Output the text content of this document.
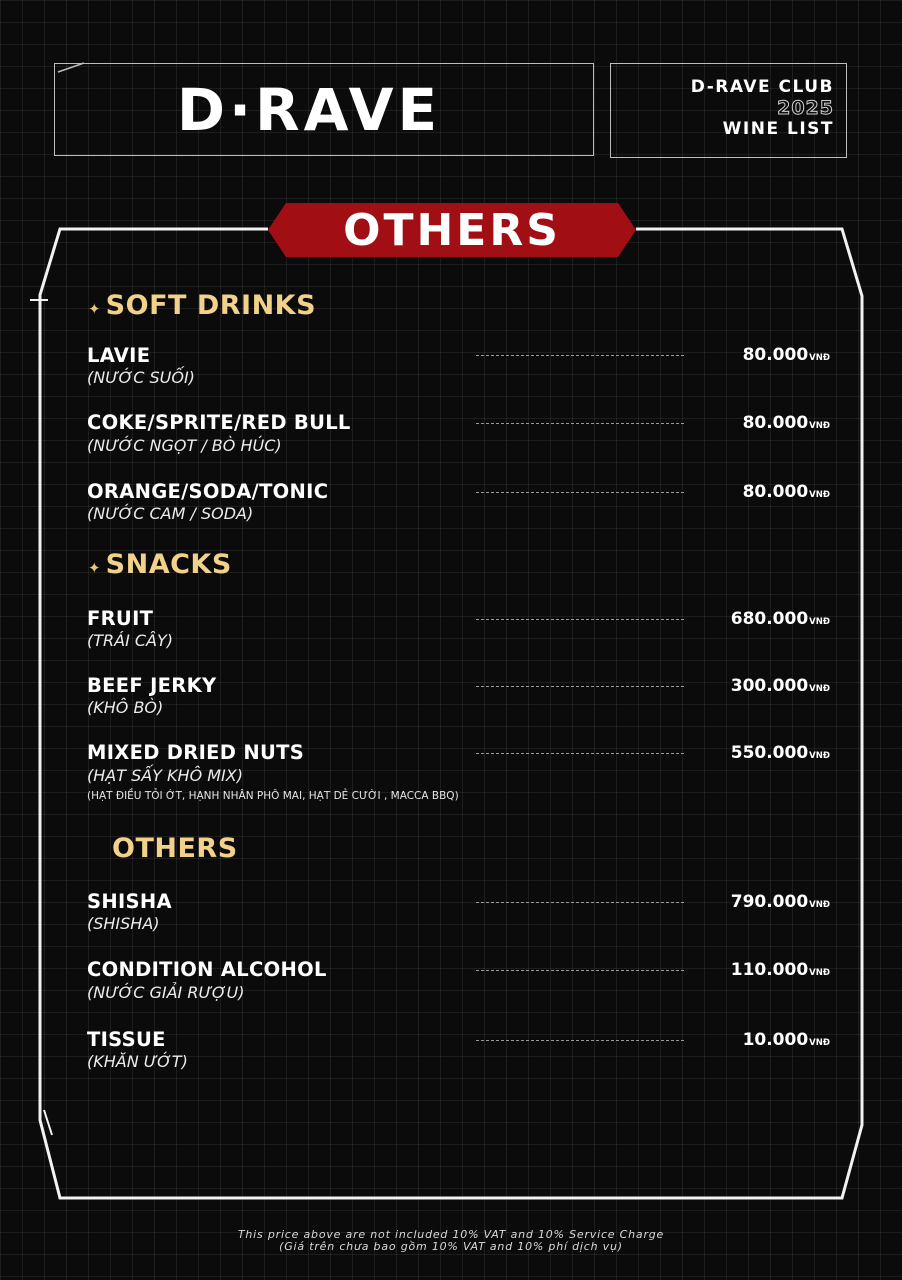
D·RAVE	D-RAVE CLUB
2025
WINE LIST
OTHERS
✦ SOFT DRINKS
LAVIE
(NƯỚC SUỐI)
80.000VNĐ
COKE/SPRITE/RED BULL
(NƯỚC NGỌT / BÒ HÚC)
80.000VNĐ
ORANGE/SODA/TONIC
(NƯỚC CAM / SODA)
80.000VNĐ
✦ SNACKS
FRUIT
(TRÁI CÂY)
680.000VNĐ
BEEF JERKY
(KHÔ BÒ)
300.000VNĐ
MIXED DRIED NUTS
(HẠT SẤY KHÔ MIX)
(HẠT ĐIỀU TỎI ỚT, HẠNH NHÂN PHÔ MAI, HẠT DẺ CƯỜI , MACCA BBQ)
550.000VNĐ
OTHERS
SHISHA
(SHISHA)
790.000VNĐ
CONDITION ALCOHOL
(NƯỚC GIẢI RƯỢU)
110.000VNĐ
TISSUE
(KHĂN ƯỚT)
10.000VNĐ
This price above are not included 10% VAT and 10% Service Charge
(Giá trên chưa bao gồm 10% VAT and 10% phí dịch vụ)
